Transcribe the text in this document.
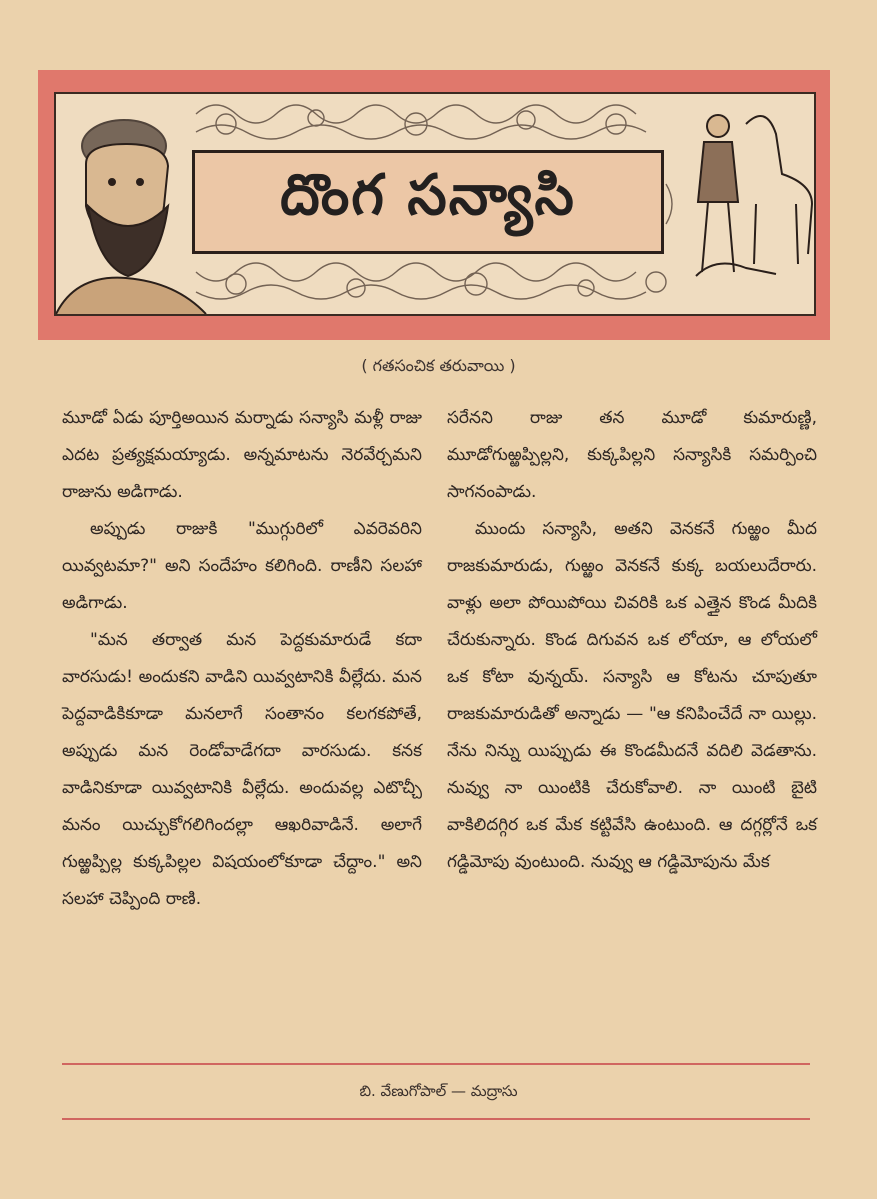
దొంగ సన్యాసి
( గతసంచిక తరువాయి )

మూడో ఏడు పూర్తిఅయిన మర్నాడు సన్యాసి మళ్లీ రాజు ఎదట ప్రత్యక్షమయ్యాడు. అన్నమాటను నెరవేర్చమని రాజును అడిగాడు.

అప్పుడు రాజుకి "ముగ్గురిలో ఎవరెవరిని యివ్వటమా?" అని సందేహం కలిగింది. రాణీని సలహా అడిగాడు.

"మన తర్వాత మన పెద్దకుమారుడే కదా వారసుడు! అందుకని వాడిని యివ్వటానికి వీల్లేదు. మన పెద్దవాడికికూడా మనలాగే సంతానం కలగకపోతే, అప్పుడు మన రెండోవాడేగదా వారసుడు. కనక వాడినికూడా యివ్వటానికి వీల్లేదు. అందువల్ల ఎటొచ్చీ మనం యిచ్చుకోగలిగిందల్లా ఆఖరివాడినే. అలాగే గుఱ్ఱప్పిల్ల కుక్కపిల్లల విషయంలోకూడా చేద్దాం." అని సలహా చెప్పింది రాణి.

సరేనని రాజు తన మూడో కుమారుణ్ణి, మూడోగుఱ్ఱప్పిల్లని, కుక్కపిల్లని సన్యాసికి సమర్పించి సాగనంపాడు.

ముందు సన్యాసి, అతని వెనకనే గుఱ్ఱం మీద రాజకుమారుడు, గుఱ్ఱం వెనకనే కుక్క బయలుదేరారు. వాళ్లు అలా పోయిపోయి చివరికి ఒక ఎత్తైన కొండ మీదికి చేరుకున్నారు. కొండ దిగువన ఒక లోయా, ఆ లోయలో ఒక కోటా వున్నయ్. సన్యాసి ఆ కోటను చూపుతూ రాజకుమారుడితో అన్నాడు — "ఆ కనిపించేదే నా యిల్లు. నేను నిన్ను యిప్పుడు ఈ కొండమీదనే వదిలి వెడతాను. నువ్వు నా యింటికి చేరుకోవాలి. నా యింటి బైటి వాకిలిదగ్గిర ఒక మేక కట్టివేసి ఉంటుంది. ఆ దగ్గర్లోనే ఒక గడ్డిమోపు వుంటుంది. నువ్వు ఆ గడ్డిమోపును మేక

బి. వేణుగోపాల్ — మద్రాసు
